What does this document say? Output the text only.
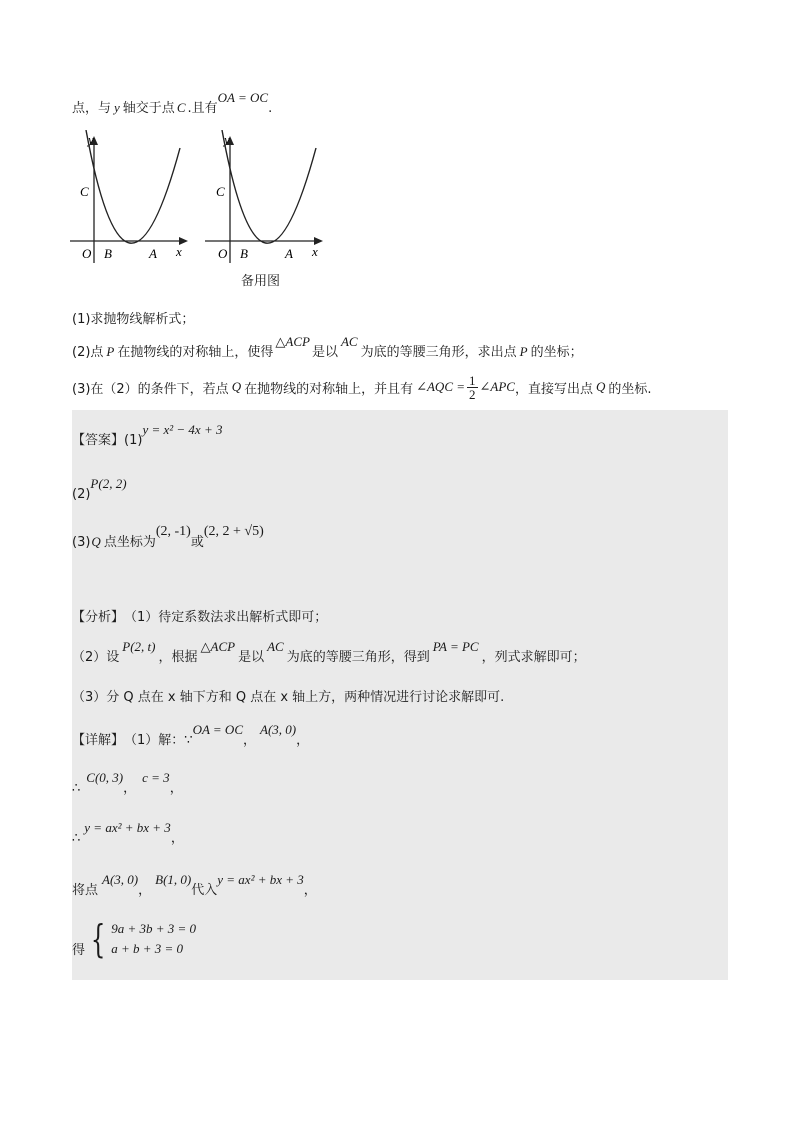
点，与 y 轴交于点 C .且有
OA = OC
.
y
C
O B	A x
y
C
O B	A x
备用图
(1)求抛物线解析式；
(2)点 P 在抛物线的对称轴上，使得
△ACP
是以
AC
为底的等腰三角形，求出点 P 的坐标；
(3)在（2）的条件下，若点 Q 在抛物线的对称轴上，并且有 ∠AQC = $\frac{1}{2}$ ∠APC ，直接写出点 Q 的坐标.
【答案】 (1)
y = x² − 4x + 3
(2)
P(2, 2)
(3) Q 点坐标为
(2, -1)
或
(2, 2 + √5)
【分析】 （1）待定系数法求出解析式即可；
（2）设
P(2, t)
，根据
△ACP
是以
AC
为底的等腰三角形，得到
PA = PC
，列式求解即可；
（3）分 Q 点在 x 轴下方和 Q 点在 x 轴上方，两种情况进行讨论求解即可.
【详解】 （1）解：∵
OA = OC
，
A(3, 0)
，
∴
C(0, 3)
，
c = 3
，
∴
y = ax² + bx + 3
，
将点
A(3, 0)
，
B(1, 0)
代入
y = ax² + bx + 3
，
得 { 9a + 3b + 3 = 0
a + b + 3 = 0
